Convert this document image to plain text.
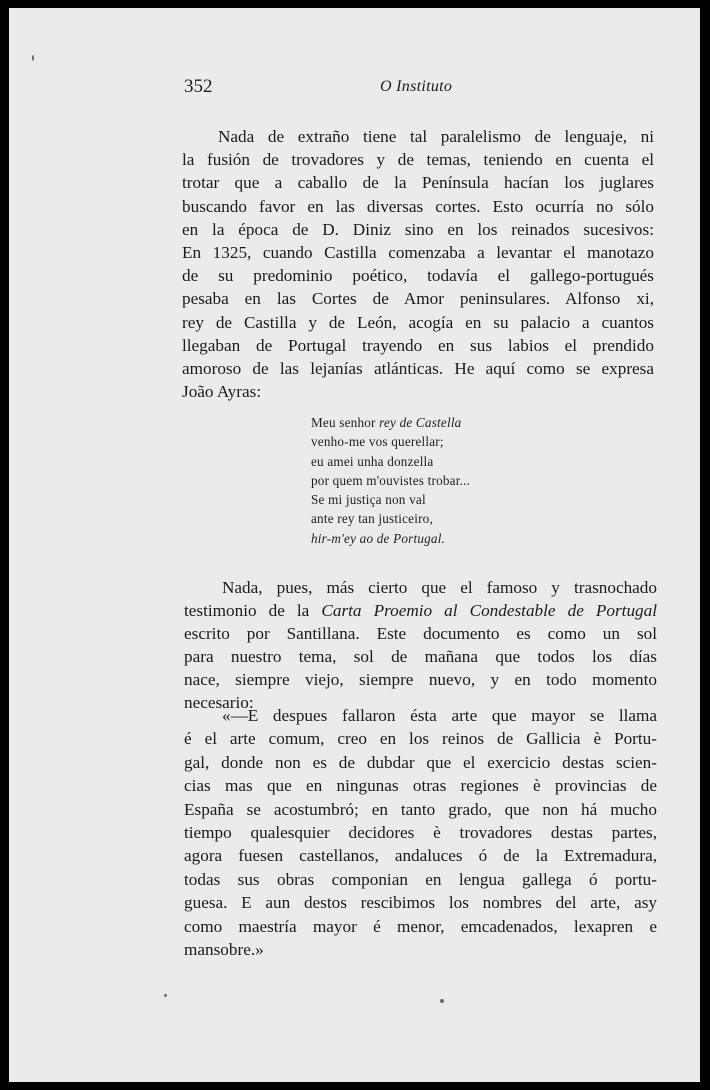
352	O Instituto
Nada de extraño tiene tal paralelismo de lenguaje, ni
la fusión de trovadores y de temas, teniendo en cuenta el
trotar que a caballo de la Península hacían los juglares
buscando favor en las diversas cortes. Esto ocurría no sólo
en la época de D. Diniz sino en los reinados sucesivos:
En 1325, cuando Castilla comenzaba a levantar el manotazo
de su predominio poético, todavía el gallego-portugués
pesaba en las Cortes de Amor peninsulares. Alfonso xi,
rey de Castilla y de León, acogía en su palacio a cuantos
llegaban de Portugal trayendo en sus labios el prendido
amoroso de las lejanías atlánticas. He aquí como se expresa
João Ayras:
Meu senhor rey de Castella
venho-me vos querellar;
eu amei unha donzella
por quem m'ouvistes trobar...
Se mi justiça non val
ante rey tan justiceiro,
hir-m'ey ao de Portugal.
Nada, pues, más cierto que el famoso y trasnochado
testimonio de la Carta Proemio al Condestable de Portugal
escrito por Santillana. Este documento es como un sol
para nuestro tema, sol de mañana que todos los días
nace, siempre viejo, siempre nuevo, y en todo momento
necesario:
«—E despues fallaron ésta arte que mayor se llama
é el arte comum, creo en los reinos de Gallicia è Portu-
gal, donde non es de dubdar que el exercicio destas scien-
cias mas que en ningunas otras regiones è provincias de
España se acostumbró; en tanto grado, que non há mucho
tiempo qualesquier decidores è trovadores destas partes,
agora fuesen castellanos, andaluces ó de la Extremadura,
todas sus obras componian en lengua gallega ó portu-
guesa. E aun destos rescibimos los nombres del arte, asy
como maestría mayor é menor, emcadenados, lexapren e
mansobre.»
